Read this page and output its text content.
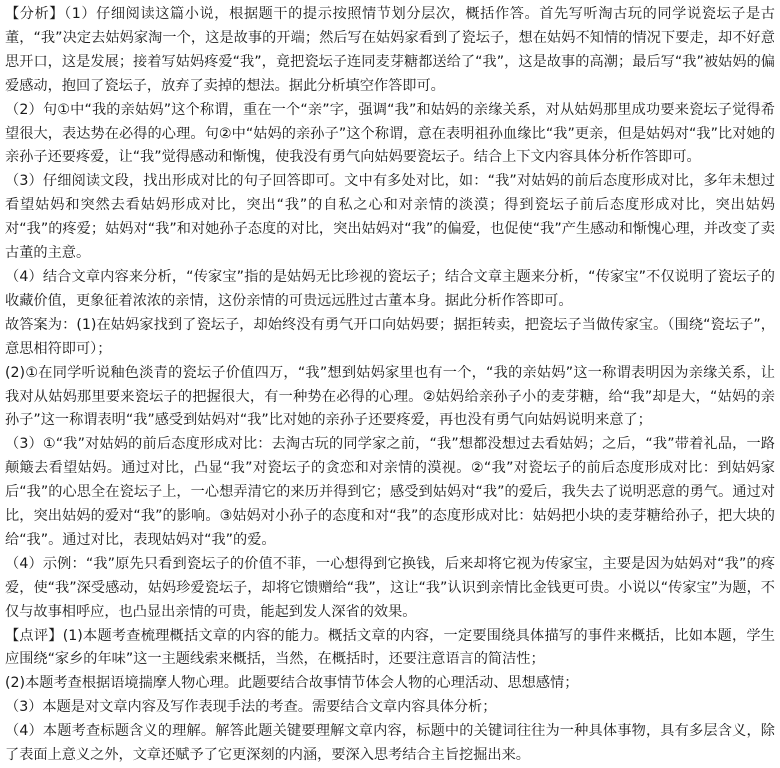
【分析】（1）仔细阅读这篇小说，根据题干的提示按照情节划分层次，概括作答。首先写听淘古玩的同学说瓷坛子是古董，“我”决定去姑妈家淘一个，这是故事的开端；然后写在姑妈家看到了瓷坛子，想在姑妈不知情的情况下要走，却不好意思开口，这是发展；接着写姑妈疼爱“我”，竟把瓷坛子连同麦芽糖都送给了“我”，这是故事的高潮；最后写“我”被姑妈的偏爱感动，抱回了瓷坛子，放弃了卖掉的想法。据此分析填空作答即可。

（2）句①中“我的亲姑妈”这个称谓，重在一个“亲”字，强调“我”和姑妈的亲缘关系，对从姑妈那里成功要来瓷坛子觉得希望很大，表达势在必得的心理。句②中“姑妈的亲孙子”这个称谓，意在表明祖孙血缘比“我”更亲，但是姑妈对“我”比对她的亲孙子还要疼爱，让“我”觉得感动和惭愧，使我没有勇气向姑妈要瓷坛子。结合上下文内容具体分析作答即可。

（3）仔细阅读文段，找出形成对比的句子回答即可。文中有多处对比，如：“我”对姑妈的前后态度形成对比，多年未想过看望姑妈和突然去看姑妈形成对比，突出“我”的自私之心和对亲情的淡漠；得到瓷坛子前后态度形成对比，突出姑妈对“我”的疼爱；姑妈对“我”和对她孙子态度的对比，突出姑妈对“我”的偏爱，也促使“我”产生感动和惭愧心理，并改变了卖古董的主意。

（4）结合文章内容来分析，“传家宝”指的是姑妈无比珍视的瓷坛子；结合文章主题来分析，“传家宝”不仅说明了瓷坛子的收藏价值，更象征着浓浓的亲情，这份亲情的可贵远远胜过古董本身。据此分析作答即可。

故答案为：(1)在姑妈家找到了瓷坛子，却始终没有勇气开口向姑妈要；据拒转卖，把瓷坛子当做传家宝。（围绕“瓷坛子”，意思相符即可）；

(2)①在同学听说釉色淡青的瓷坛子价值四万，“我”想到姑妈家里也有一个，“我的亲姑妈”这一称谓表明因为亲缘关系，让我对从姑妈那里要来瓷坛子的把握很大，有一种势在必得的心理。②姑妈给亲孙子小的麦芽糖，给“我”却是大，“姑妈的亲孙子”这一称谓表明“我”感受到姑妈对“我”比对她的亲孙子还要疼爱，再也没有勇气向姑妈说明来意了；

（3）①“我”对姑妈的前后态度形成对比：去淘古玩的同学家之前，“我”想都没想过去看姑妈；之后，“我”带着礼品，一路颠簸去看望姑妈。通过对比，凸显“我”对瓷坛子的贪恋和对亲情的漠视。②“我”对瓷坛子的前后态度形成对比：到姑妈家后“我”的心思全在瓷坛子上，一心想弄清它的来历并得到它；感受到姑妈对“我”的爱后，我失去了说明恶意的勇气。通过对比，突出姑妈的爱对“我”的影响。③姑妈对小孙子的态度和对“我”的态度形成对比：姑妈把小块的麦芽糖给孙子，把大块的给“我”。通过对比，表现姑妈对“我”的爱。

（4）示例：“我”原先只看到瓷坛子的价值不菲，一心想得到它换钱，后来却将它视为传家宝，主要是因为姑妈对“我”的疼爱，使“我”深受感动，姑妈珍爱瓷坛子，却将它馈赠给“我”，这让“我”认识到亲情比金钱更可贵。小说以“传家宝”为题，不仅与故事相呼应，也凸显出亲情的可贵，能起到发人深省的效果。

【点评】(1)本题考查梳理概括文章的内容的能力。概括文章的内容，一定要围绕具体描写的事件来概括，比如本题，学生应围绕“家乡的年味”这一主题线索来概括，当然，在概括时，还要注意语言的简洁性；

(2)本题考查根据语境揣摩人物心理。此题要结合故事情节体会人物的心理活动、思想感情；

（3）本题是对文章内容及写作表现手法的考查。需要结合文章内容具体分析；

（4）本题考查标题含义的理解。解答此题关键要理解文章内容，标题中的关键词往往为一种具体事物，具有多层含义，除了表面上意义之外，文章还赋予了它更深刻的内涵，要深入思考结合主旨挖掘出来。
